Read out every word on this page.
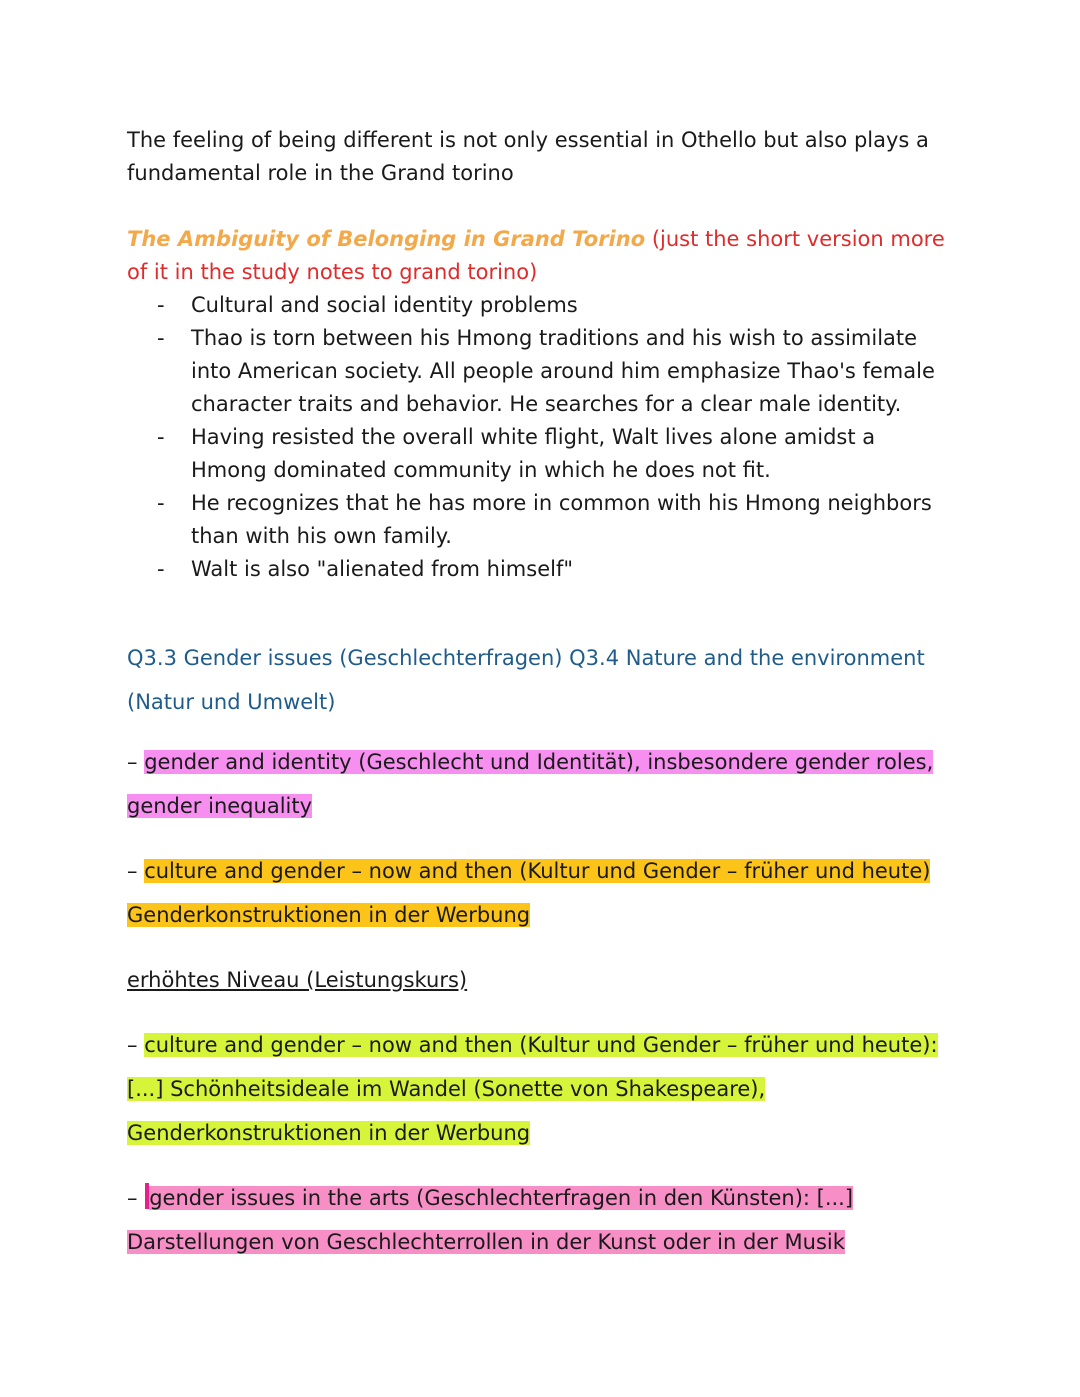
The feeling of being different is not only essential in Othello but also plays a fundamental role in the Grand torino

The Ambiguity of Belonging in Grand Torino (just the short version more of it in the study notes to grand torino)

- Cultural and social identity problems
- Thao is torn between his Hmong traditions and his wish to assimilate into American society. All people around him emphasize Thao's female character traits and behavior. He searches for a clear male identity.
- Having resisted the overall white flight, Walt lives alone amidst a Hmong dominated community in which he does not fit.
- He recognizes that he has more in common with his Hmong neighbors than with his own family.
- Walt is also "alienated from himself"

Q3.3 Gender issues (Geschlechterfragen) Q3.4 Nature and the environment (Natur und Umwelt)

– gender and identity (Geschlecht und Identität), insbesondere gender roles, gender inequality

– culture and gender – now and then (Kultur und Gender – früher und heute) Genderkonstruktionen in der Werbung

erhöhtes Niveau (Leistungskurs)

– culture and gender – now and then (Kultur und Gender – früher und heute): [...] Schönheitsideale im Wandel (Sonette von Shakespeare), Genderkonstruktionen in der Werbung

– gender issues in the arts (Geschlechterfragen in den Künsten): [...] Darstellungen von Geschlechterrollen in der Kunst oder in der Musik
